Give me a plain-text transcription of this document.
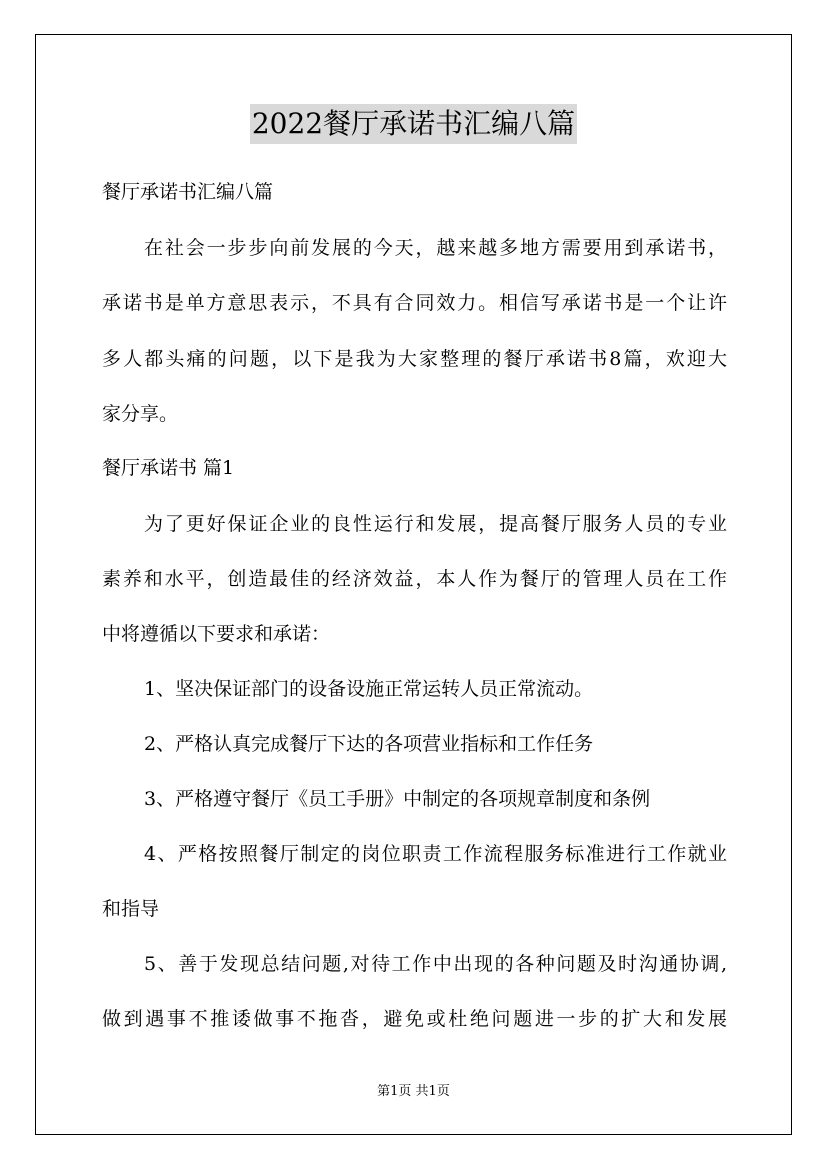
2022餐厅承诺书汇编八篇
餐厅承诺书汇编八篇
在社会一步步向前发展的今天，越来越多地方需要用到承诺书，
承诺书是单方意思表示，不具有合同效力。相信写承诺书是一个让许
多人都头痛的问题，以下是我为大家整理的餐厅承诺书8篇，欢迎大
家分享。
餐厅承诺书 篇1
为了更好保证企业的良性运行和发展，提高餐厅服务人员的专业
素养和水平，创造最佳的经济效益，本人作为餐厅的管理人员在工作
中将遵循以下要求和承诺：
1、坚决保证部门的设备设施正常运转人员正常流动。
2、严格认真完成餐厅下达的各项营业指标和工作任务
3、严格遵守餐厅《员工手册》中制定的各项规章制度和条例
4、严格按照餐厅制定的岗位职责工作流程服务标准进行工作就业
和指导
5、善于发现总结问题,对待工作中出现的各种问题及时沟通协调,
做到遇事不推诿做事不拖沓，避免或杜绝问题进一步的扩大和发展
第1页 共1页
